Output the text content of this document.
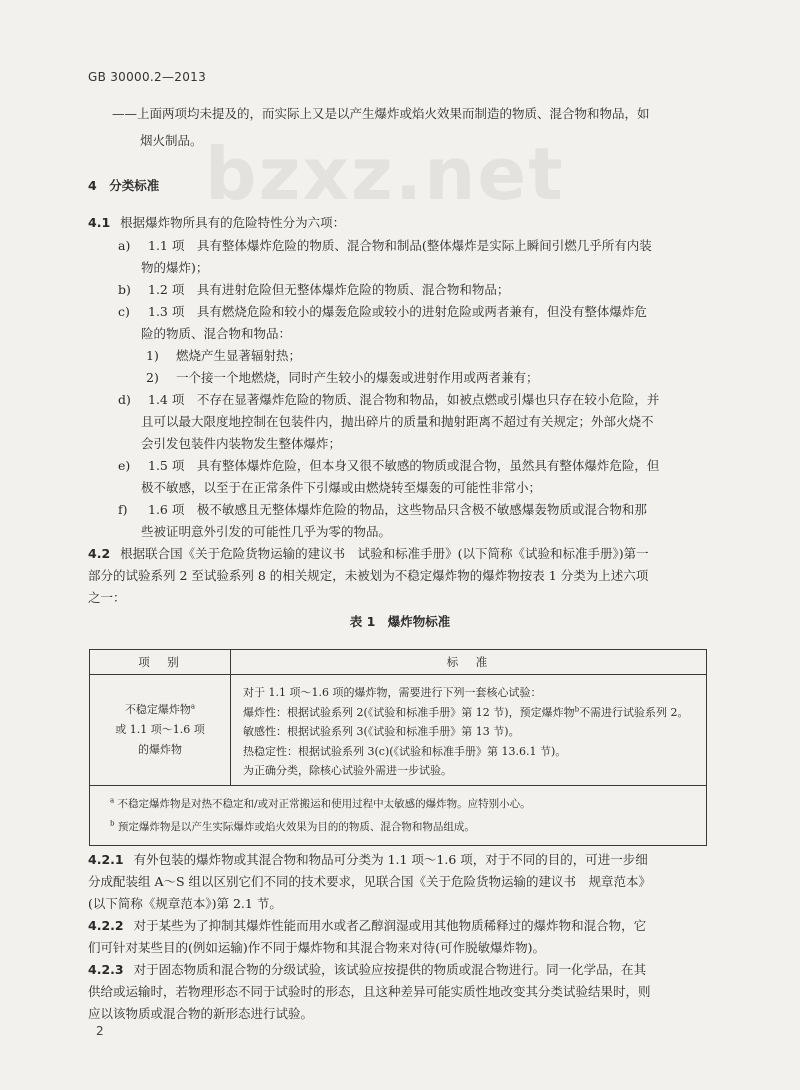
GB 30000.2—2013
bzxz.net
——上面两项均未提及的，而实际上又是以产生爆炸或焰火效果而制造的物质、混合物和物品，如
烟火制品。
4　分类标准
4.1 根据爆炸物所具有的危险特性分为六项：
a) 1.1 项　具有整体爆炸危险的物质、混合物和制品(整体爆炸是实际上瞬间引燃几乎所有内装
物的爆炸)；
b) 1.2 项　具有进射危险但无整体爆炸危险的物质、混合物和物品；
c) 1.3 项　具有燃烧危险和较小的爆轰危险或较小的进射危险或两者兼有，但没有整体爆炸危
险的物质、混合物和物品：
1) 燃烧产生显著辐射热；
2) 一个接一个地燃烧，同时产生较小的爆轰或进射作用或两者兼有；
d) 1.4 项　不存在显著爆炸危险的物质、混合物和物品，如被点燃或引爆也只存在较小危险，并
且可以最大限度地控制在包装件内，抛出碎片的质量和抛射距离不超过有关规定；外部火烧不
会引发包装件内装物发生整体爆炸；
e) 1.5 项　具有整体爆炸危险，但本身又很不敏感的物质或混合物，虽然具有整体爆炸危险，但
极不敏感，以至于在正常条件下引爆或由燃烧转至爆轰的可能性非常小；
f) 1.6 项　极不敏感且无整体爆炸危险的物品，这些物品只含极不敏感爆轰物质或混合物和那
些被证明意外引发的可能性几乎为零的物品。
4.2 根据联合国《关于危险货物运输的建议书　试验和标准手册》(以下简称《试验和标准手册》)第一
部分的试验系列 2 至试验系列 8 的相关规定，未被划为不稳定爆炸物的爆炸物按表 1 分类为上述六项
之一：
表 1　爆炸物标准
项　别	标　准
不稳定爆炸物$^a$
或 1.1 项～1.6 项
的爆炸物
对于 1.1 项～1.6 项的爆炸物，需要进行下列一套核心试验：
爆炸性：根据试验系列 2(《试验和标准手册》第 12 节)，预定爆炸物$^b$不需进行试验系列 2。
敏感性：根据试验系列 3(《试验和标准手册》第 13 节)。
热稳定性：根据试验系列 3(c)(《试验和标准手册》第 13.6.1 节)。
为正确分类，除核心试验外需进一步试验。
$^a$ 不稳定爆炸物是对热不稳定和/或对正常搬运和使用过程中太敏感的爆炸物。应特别小心。
$^b$ 预定爆炸物是以产生实际爆炸或焰火效果为目的的物质、混合物和物品组成。
4.2.1 有外包装的爆炸物或其混合物和物品可分类为 1.1 项～1.6 项，对于不同的目的，可进一步细
分成配装组 A～S 组以区别它们不同的技术要求，见联合国《关于危险货物运输的建议书　规章范本》
(以下简称《规章范本》)第 2.1 节。
4.2.2 对于某些为了抑制其爆炸性能而用水或者乙醇润湿或用其他物质稀释过的爆炸物和混合物，它
们可针对某些目的(例如运输)作不同于爆炸物和其混合物来对待(可作脱敏爆炸物)。
4.2.3 对于固态物质和混合物的分级试验，该试验应按提供的物质或混合物进行。同一化学品，在其
供给或运输时，若物理形态不同于试验时的形态，且这种差异可能实质性地改变其分类试验结果时，则
应以该物质或混合物的新形态进行试验。
2
